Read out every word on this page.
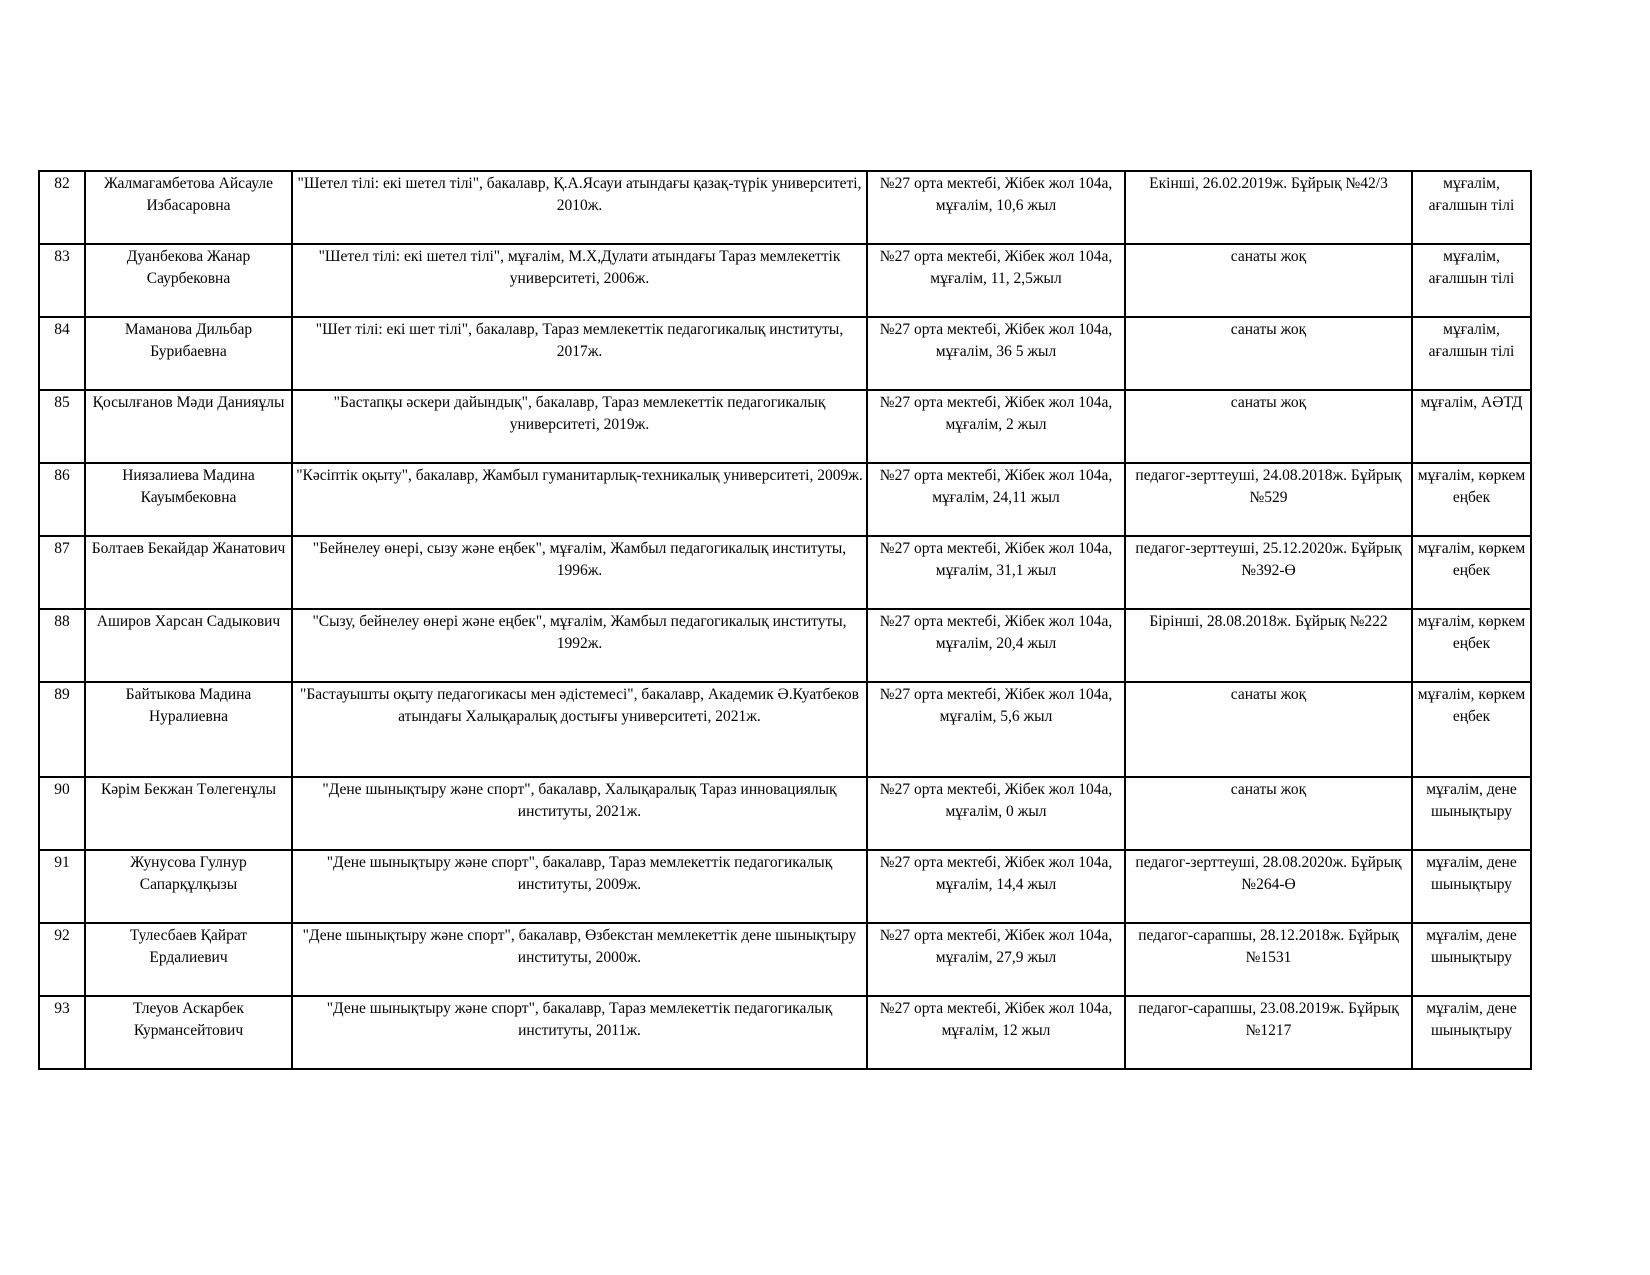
82	Жалмагамбетова Айсауле Избасаровна	"Шетел тілі: екі шетел тілі", бакалавр, Қ.А.Ясауи атындағы қазақ-түрік университеті, 2010ж.	№27 орта мектебі, Жібек жол 104а, мұғалім, 10,6 жыл	Екінші, 26.02.2019ж. Бұйрық №42/3	мұғалім, ағалшын тілі
83	Дуанбекова Жанар Саурбековна	"Шетел тілі: екі шетел тілі", мұғалім, М.Х,Дулати атындағы Тараз мемлекеттік университеті, 2006ж.	№27 орта мектебі, Жібек жол 104а, мұғалім, 11, 2,5жыл	санаты жоқ	мұғалім, ағалшын тілі
84	Маманова Дильбар Бурибаевна	"Шет тілі: екі шет тілі", бакалавр, Тараз мемлекеттік педагогикалық институты, 2017ж.	№27 орта мектебі, Жібек жол 104а, мұғалім, 36 5 жыл	санаты жоқ	мұғалім, ағалшын тілі
85	Қосылғанов Мәди Данияұлы	"Бастапқы әскери дайындық", бакалавр, Тараз мемлекеттік педагогикалық университеті, 2019ж.	№27 орта мектебі, Жібек жол 104а, мұғалім, 2 жыл	санаты жоқ	мұғалім, АӘТД
86	Ниязалиева Мадина Кауымбековна	"Кәсіптік оқыту", бакалавр, Жамбыл гуманитарлық-техникалық университеті, 2009ж.	№27 орта мектебі, Жібек жол 104а, мұғалім, 24,11 жыл	педагог-зерттеуші, 24.08.2018ж. Бұйрық №529	мұғалім, көркем еңбек
87	Болтаев Бекайдар Жанатович	"Бейнелеу өнері, сызу және еңбек", мұғалім, Жамбыл педагогикалық институты, 1996ж.	№27 орта мектебі, Жібек жол 104а, мұғалім, 31,1 жыл	педагог-зерттеуші, 25.12.2020ж. Бұйрық №392-Ө	мұғалім, көркем еңбек
88	Аширов Харсан Садыкович	"Сызу, бейнелеу өнері және еңбек", мұғалім, Жамбыл педагогикалық институты, 1992ж.	№27 орта мектебі, Жібек жол 104а, мұғалім, 20,4 жыл	Бірінші, 28.08.2018ж. Бұйрық №222	мұғалім, көркем еңбек
89	Байтыкова Мадина Нуралиевна	"Бастауышты оқыту педагогикасы мен әдістемесі", бакалавр, Академик Ә.Куатбеков атындағы Халықаралық достығы университеті, 2021ж.	№27 орта мектебі, Жібек жол 104а, мұғалім, 5,6 жыл	санаты жоқ	мұғалім, көркем еңбек
90	Кәрім Бекжан Төлегенұлы	"Дене шынықтыру және спорт", бакалавр, Халықаралық Тараз инновациялық институты, 2021ж.	№27 орта мектебі, Жібек жол 104а, мұғалім, 0 жыл	санаты жоқ	мұғалім, дене шынықтыру
91	Жунусова Гулнур Сапарқұлқызы	"Дене шынықтыру және спорт", бакалавр, Тараз мемлекеттік педагогикалық институты, 2009ж.	№27 орта мектебі, Жібек жол 104а, мұғалім, 14,4 жыл	педагог-зерттеуші, 28.08.2020ж. Бұйрық №264-Ө	мұғалім, дене шынықтыру
92	Тулесбаев Қайрат Ердалиевич	"Дене шынықтыру және спорт", бакалавр, Өзбекстан мемлекеттік дене шынықтыру институты, 2000ж.	№27 орта мектебі, Жібек жол 104а, мұғалім, 27,9 жыл	педагог-сарапшы, 28.12.2018ж. Бұйрық №1531	мұғалім, дене шынықтыру
93	Тлеуов Аскарбек Курмансейтович	"Дене шынықтыру және спорт", бакалавр, Тараз мемлекеттік педагогикалық институты, 2011ж.	№27 орта мектебі, Жібек жол 104а, мұғалім, 12 жыл	педагог-сарапшы, 23.08.2019ж. Бұйрық №1217	мұғалім, дене шынықтыру
